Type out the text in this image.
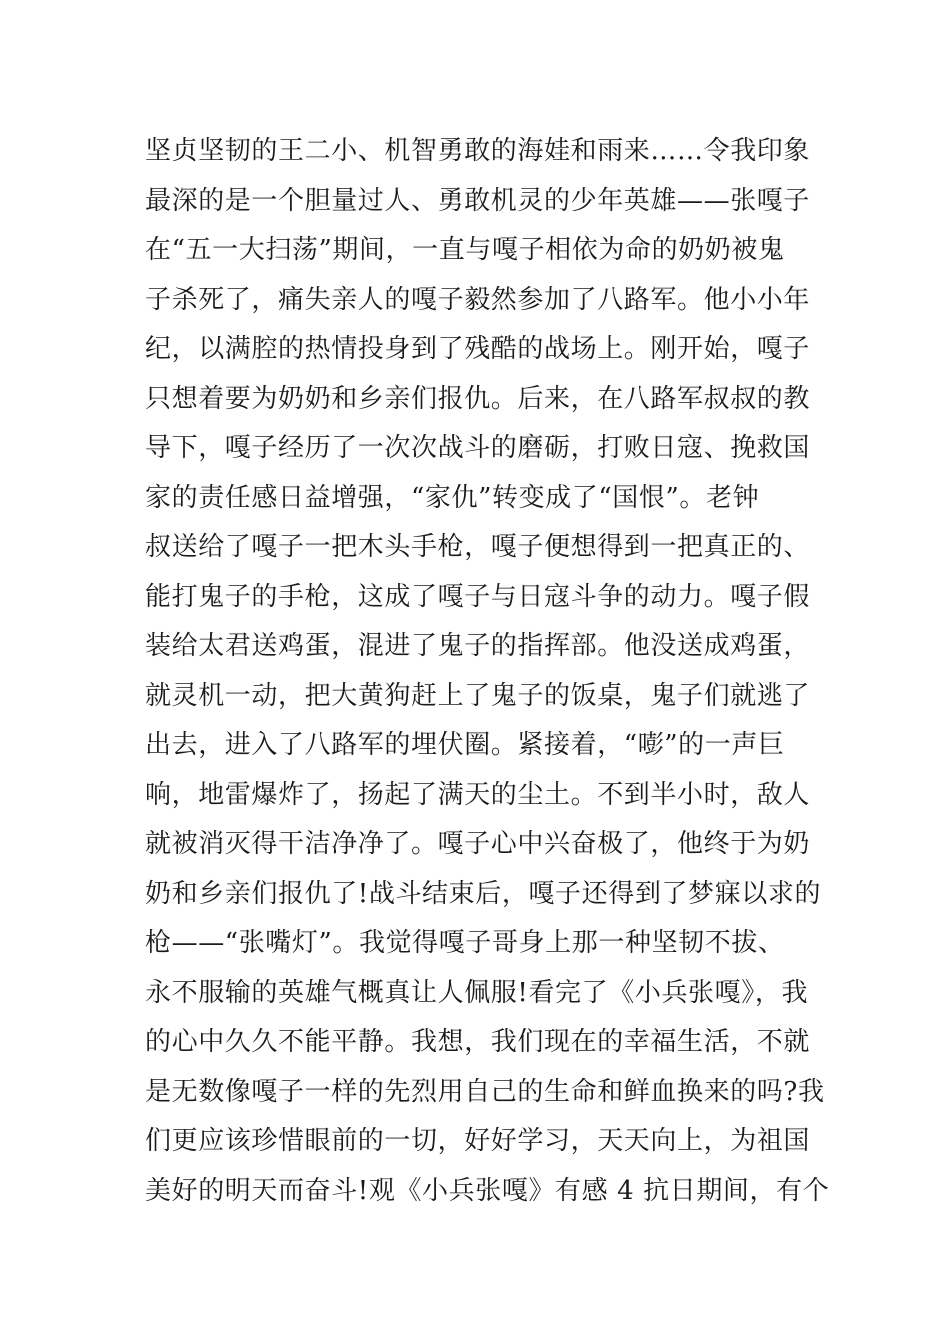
坚贞坚韧的王二小、机智勇敢的海娃和雨来……令我印象
最深的是一个胆量过人、勇敢机灵的少年英雄——张嘎子
在“五一大扫荡”期间，一直与嘎子相依为命的奶奶被鬼
子杀死了，痛失亲人的嘎子毅然参加了八路军。他小小年
纪，以满腔的热情投身到了残酷的战场上。刚开始，嘎子
只想着要为奶奶和乡亲们报仇。后来，在八路军叔叔的教
导下，嘎子经历了一次次战斗的磨砺，打败日寇、挽救国
家的责任感日益增强，“家仇”转变成了“国恨”。老钟
叔送给了嘎子一把木头手枪，嘎子便想得到一把真正的、
能打鬼子的手枪，这成了嘎子与日寇斗争的动力。嘎子假
装给太君送鸡蛋，混进了鬼子的指挥部。他没送成鸡蛋，
就灵机一动，把大黄狗赶上了鬼子的饭桌，鬼子们就逃了
出去，进入了八路军的埋伏圈。紧接着，“嘭”的一声巨
响，地雷爆炸了，扬起了满天的尘土。不到半小时，敌人
就被消灭得干洁净净了。嘎子心中兴奋极了，他终于为奶
奶和乡亲们报仇了!战斗结束后，嘎子还得到了梦寐以求的
枪——“张嘴灯”。我觉得嘎子哥身上那一种坚韧不拔、
永不服输的英雄气概真让人佩服!看完了《小兵张嘎》，我
的心中久久不能平静。我想，我们现在的幸福生活，不就
是无数像嘎子一样的先烈用自己的生命和鲜血换来的吗?我
们更应该珍惜眼前的一切，好好学习，天天向上，为祖国
美好的明天而奋斗!观《小兵张嘎》有感 4 抗日期间，有个
